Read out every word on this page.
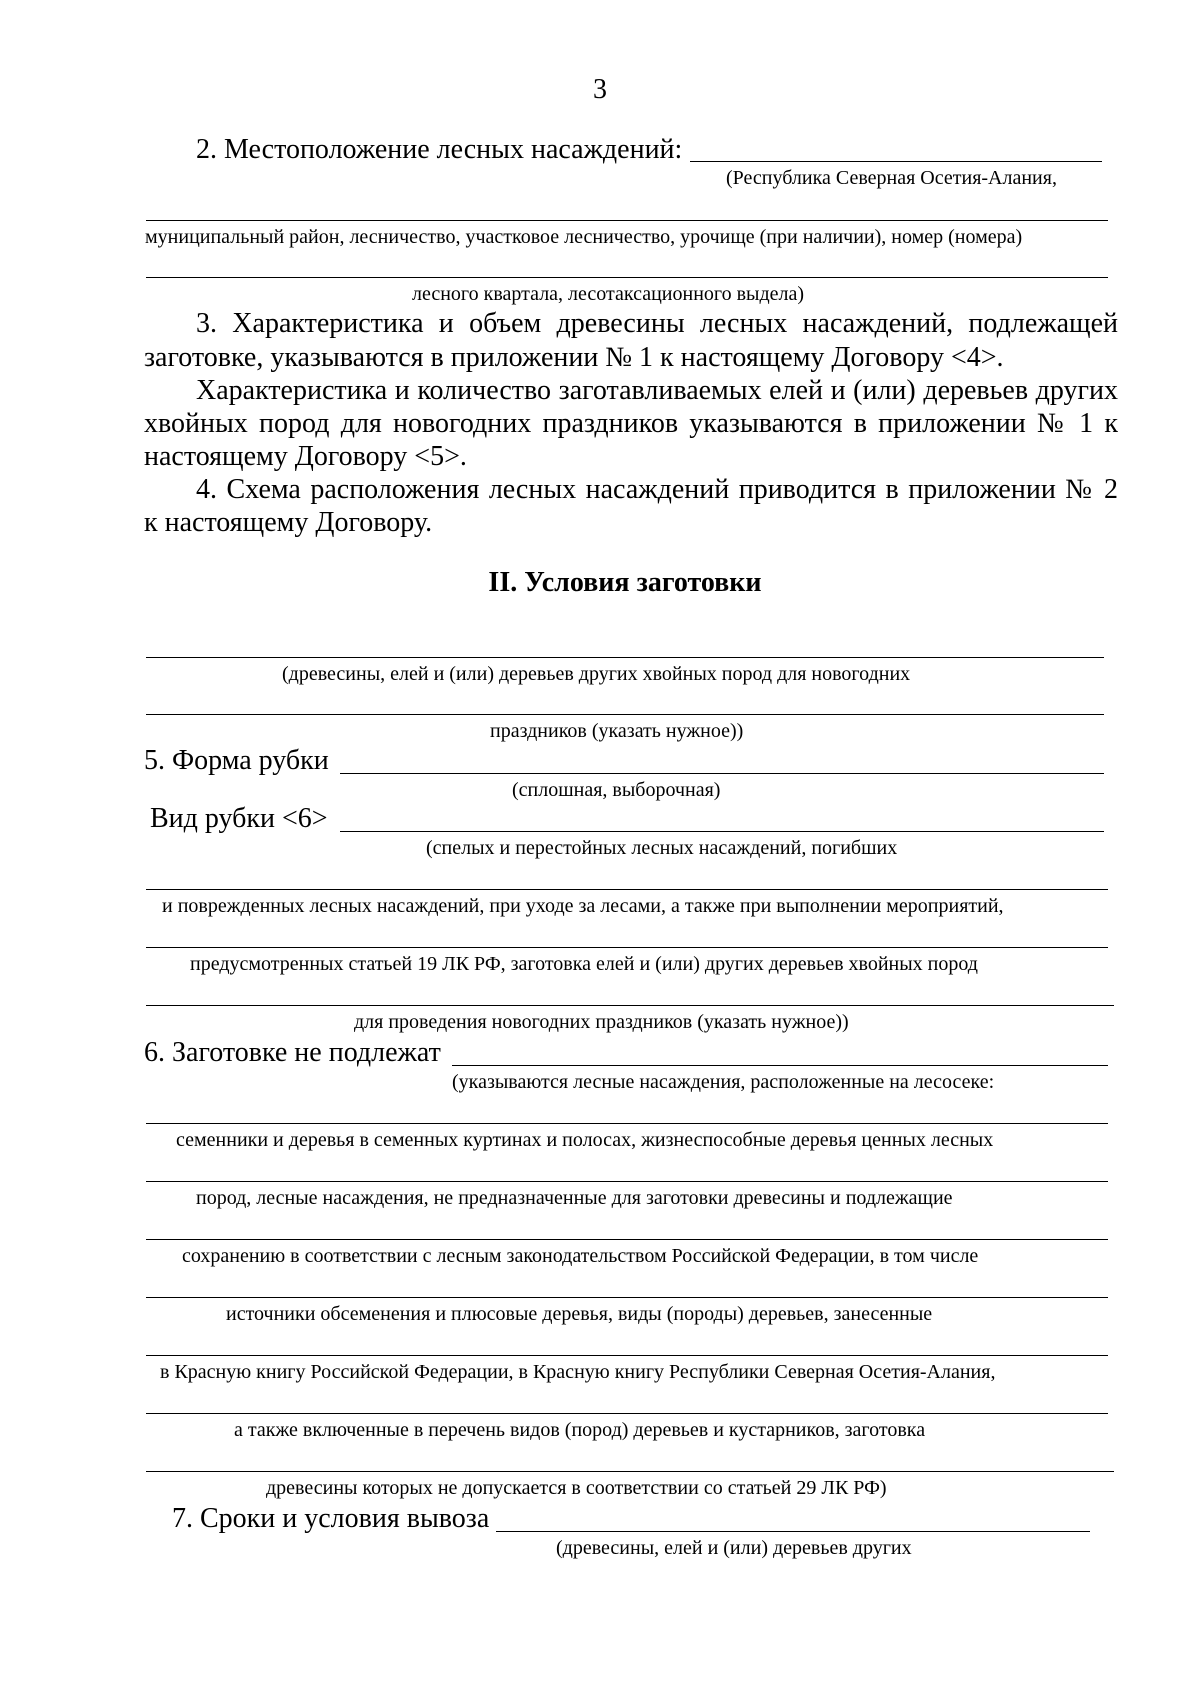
3
2. Местоположение лесных насаждений:
(Республика Северная Осетия-Алания,
муниципальный район, лесничество, участковое лесничество, урочище (при наличии), номер (номера)
лесного квартала, лесотаксационного выдела)
3. Характеристика и объем древесины лесных насаждений, подлежащей
заготовке, указываются в приложении № 1 к настоящему Договору <4>.
Характеристика и количество заготавливаемых елей и (или) деревьев других
хвойных пород для новогодних праздников указываются в приложении № 1 к
настоящему Договору <5>.
4. Схема расположения лесных насаждений приводится в приложении № 2
к настоящему Договору.
II. Условия заготовки
(древесины, елей и (или) деревьев других хвойных пород для новогодних
праздников (указать нужное))
5. Форма рубки
(сплошная, выборочная)
Вид рубки <6>
(спелых и перестойных лесных насаждений, погибших
и поврежденных лесных насаждений, при уходе за лесами, а также при выполнении мероприятий,
предусмотренных статьей 19 ЛК РФ, заготовка елей и (или) других деревьев хвойных пород
для проведения новогодних праздников (указать нужное))
6. Заготовке не подлежат
(указываются лесные насаждения, расположенные на лесосеке:
семенники и деревья в семенных куртинах и полосах, жизнеспособные деревья ценных лесных
пород, лесные насаждения, не предназначенные для заготовки древесины и подлежащие
сохранению в соответствии с лесным законодательством Российской Федерации, в том числе
источники обсеменения и плюсовые деревья, виды (породы) деревьев, занесенные
в Красную книгу Российской Федерации, в Красную книгу Республики Северная Осетия-Алания,
а также включенные в перечень видов (пород) деревьев и кустарников, заготовка
древесины которых не допускается в соответствии со статьей 29 ЛК РФ)
7. Сроки и условия вывоза
(древесины, елей и (или) деревьев других
